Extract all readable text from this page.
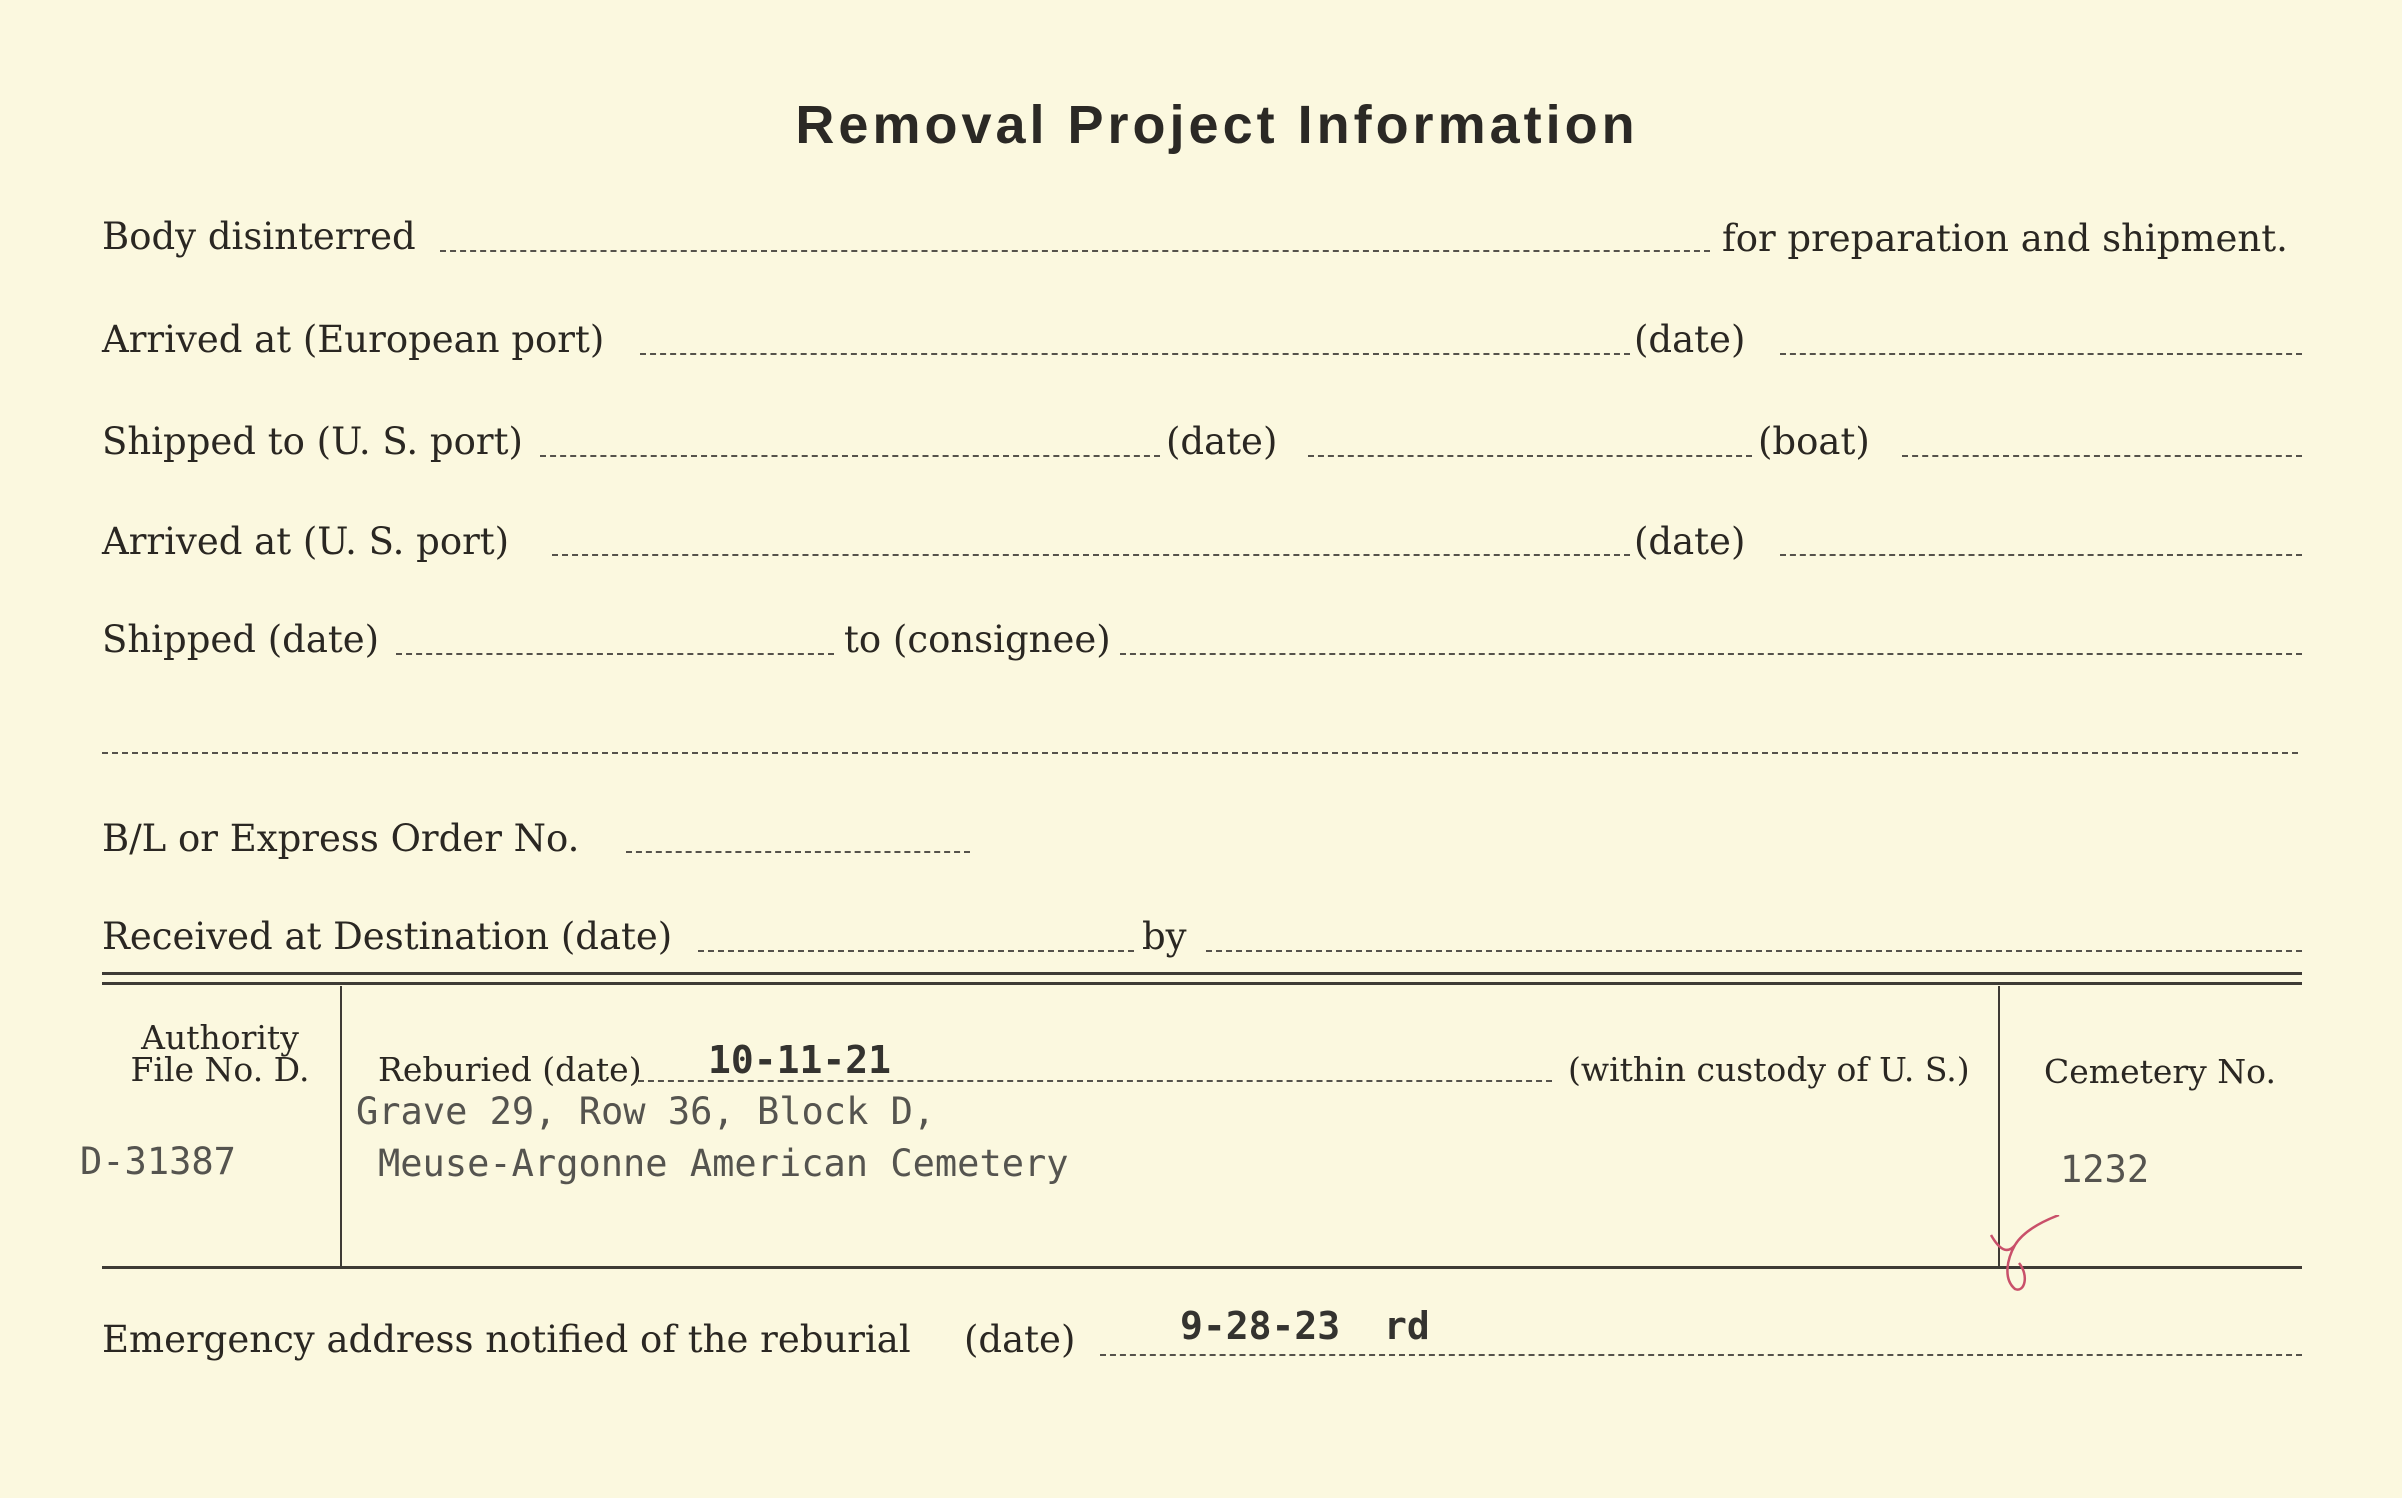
Removal Project Information
Body disinterred	for preparation and shipment.
Arrived at (European port)	(date)
Shipped to (U. S. port)	(date)	(boat)
Arrived at (U. S. port)	(date)
Shipped (date)	to (consignee)
B/L or Express Order No.
Received at Destination (date)	by
Authority
File No. D.
D-31387
Reburied (date) 10-11-21	(within custody of U. S.)
Grave 29, Row 36, Block D,
Meuse-Argonne American Cemetery
Cemetery No.
1232
Emergency address notified of the reburial (date)	9-28-23 rd
